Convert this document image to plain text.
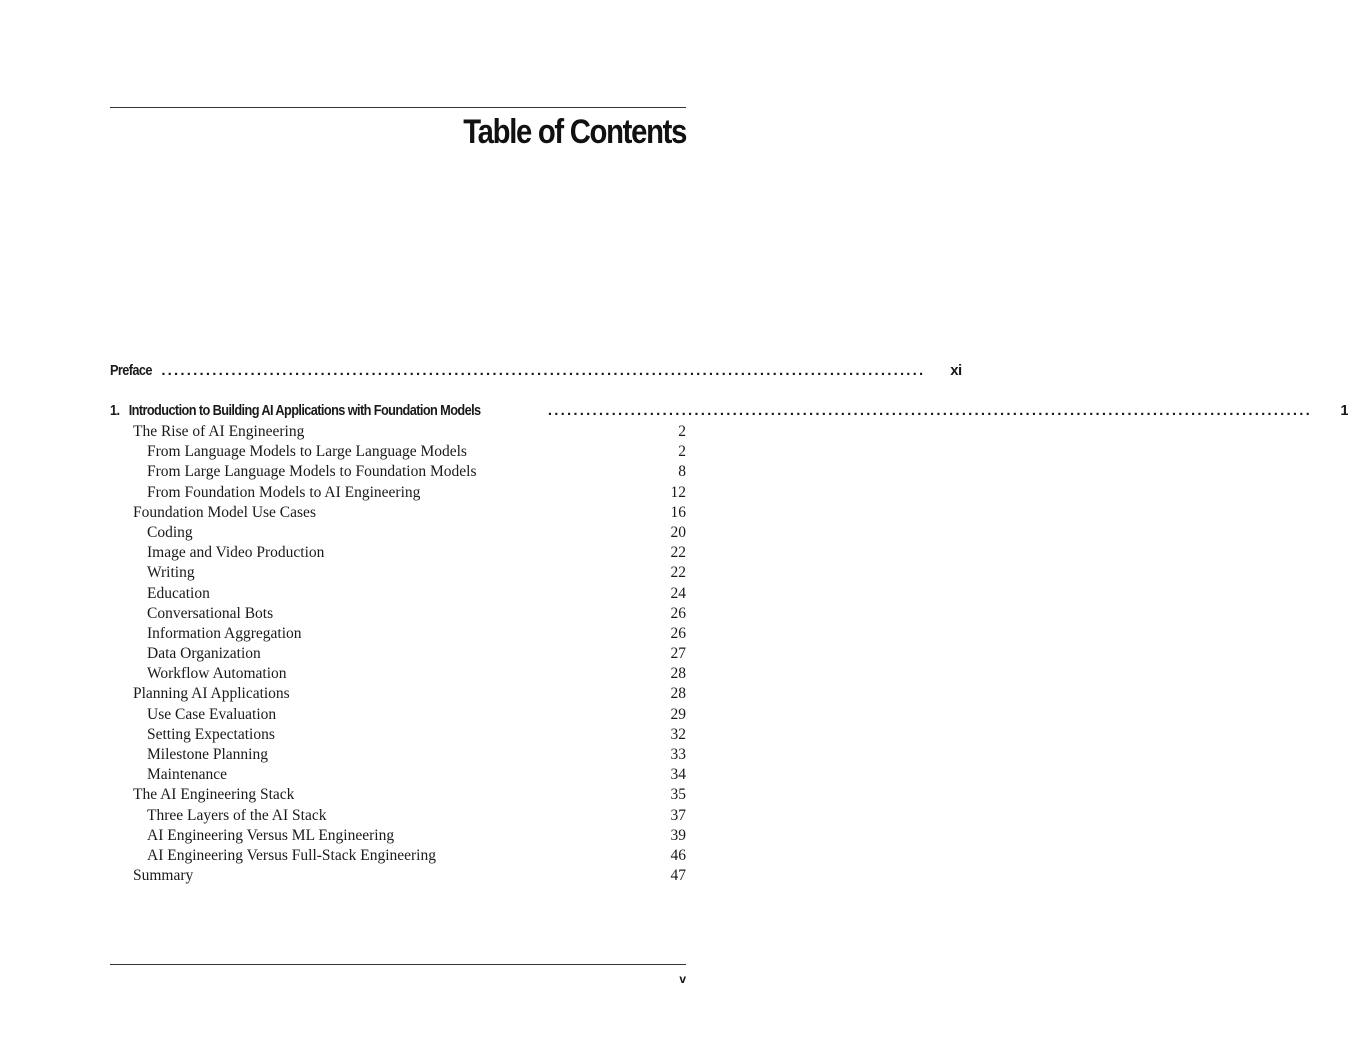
Table of Contents
Preface ........................................................................................................................	xi
1. Introduction to Building AI Applications with Foundation Models	........................................................................................................................	1
The Rise of AI Engineering	2
From Language Models to Large Language Models	2
From Large Language Models to Foundation Models	8
From Foundation Models to AI Engineering	12
Foundation Model Use Cases	16
Coding	20
Image and Video Production	22
Writing	22
Education	24
Conversational Bots	26
Information Aggregation	26
Data Organization	27
Workflow Automation	28
Planning AI Applications	28
Use Case Evaluation	29
Setting Expectations	32
Milestone Planning	33
Maintenance	34
The AI Engineering Stack	35
Three Layers of the AI Stack	37
AI Engineering Versus ML Engineering	39
AI Engineering Versus Full-Stack Engineering	46
Summary	47
v
